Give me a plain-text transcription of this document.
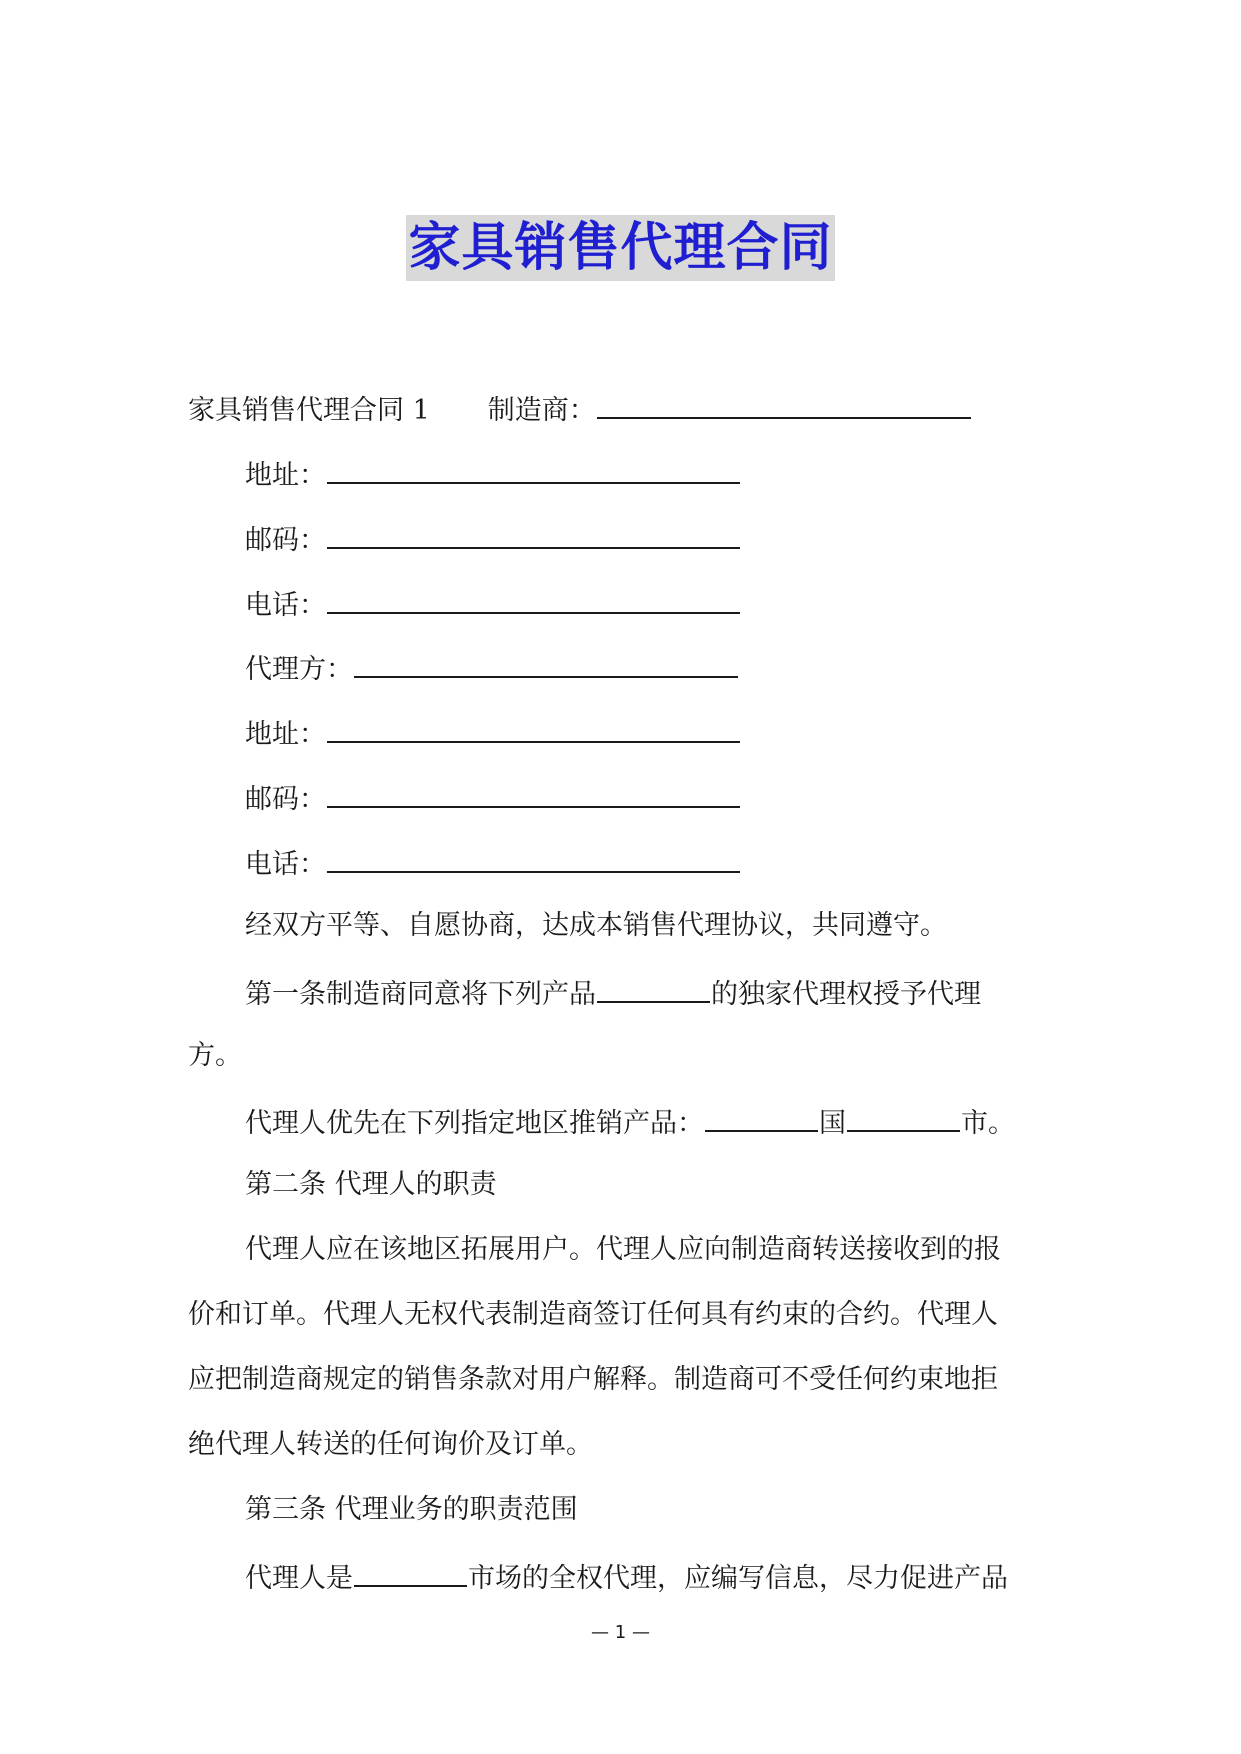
家具销售代理合同
家具销售代理合同 1 制造商：
地址：
邮码：
电话：
代理方：
地址：
邮码：
电话：
经双方平等、自愿协商，达成本销售代理协议，共同遵守。
第一条制造商同意将下列产品	的独家代理权授予代理
方。
代理人优先在下列指定地区推销产品：	国	市。
第二条 代理人的职责
代理人应在该地区拓展用户。代理人应向制造商转送接收到的报
价和订单。代理人无权代表制造商签订任何具有约束的合约。代理人
应把制造商规定的销售条款对用户解释。制造商可不受任何约束地拒
绝代理人转送的任何询价及订单。
第三条 代理业务的职责范围
代理人是	市场的全权代理，应编写信息，尽力促进产品
— 1 —
